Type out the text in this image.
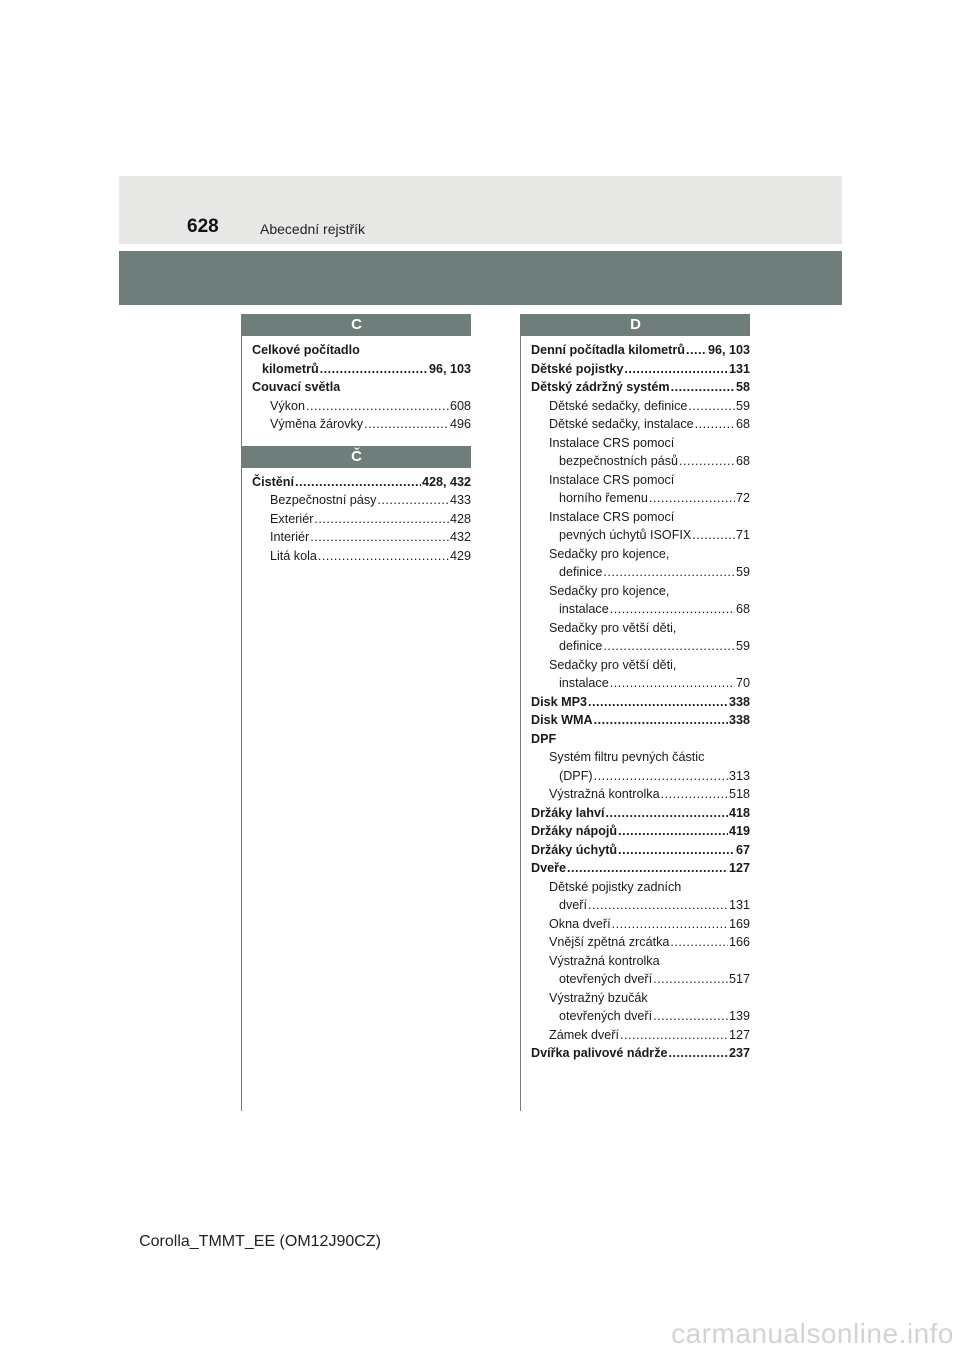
628	Abecední rejstřík
C
Celkové počítadlo
kilometrů .....	96, 103
Couvací světla
Výkon .....	608
Výměna žárovky .....	496
Č
Čistění .....	428, 432
Bezpečnostní pásy .....	433
Exteriér .....	428
Interiér .....	432
Litá kola .....	429
D
Denní počítadla kilometrů ..... 96, 103
Dětské pojistky .....	131
Dětský zádržný systém .....	58
Dětské sedačky, definice .....	59
Dětské sedačky, instalace .....	68
Instalace CRS pomocí
bezpečnostních pásů .....	68
Instalace CRS pomocí
horního řemenu .....	72
Instalace CRS pomocí
pevných úchytů ISOFIX .....	71
Sedačky pro kojence,
definice .....	59
Sedačky pro kojence,
instalace .....	68
Sedačky pro větší děti,
definice .....	59
Sedačky pro větší děti,
instalace .....	70
Disk MP3 .....	338
Disk WMA .....	338
DPF
Systém filtru pevných částic
(DPF) .....	313
Výstražná kontrolka .....	518
Držáky lahví .....	418
Držáky nápojů .....	419
Držáky úchytů .....	67
Dveře .....	127
Dětské pojistky zadních
dveří .....	131
Okna dveří .....	169
Vnější zpětná zrcátka .....	166
Výstražná kontrolka
otevřených dveří .....	517
Výstražný bzučák
otevřených dveří .....	139
Zámek dveří .....	127
Dvířka palivové nádrže .....	237
Corolla_TMMT_EE (OM12J90CZ)
carmanualsonline.info
